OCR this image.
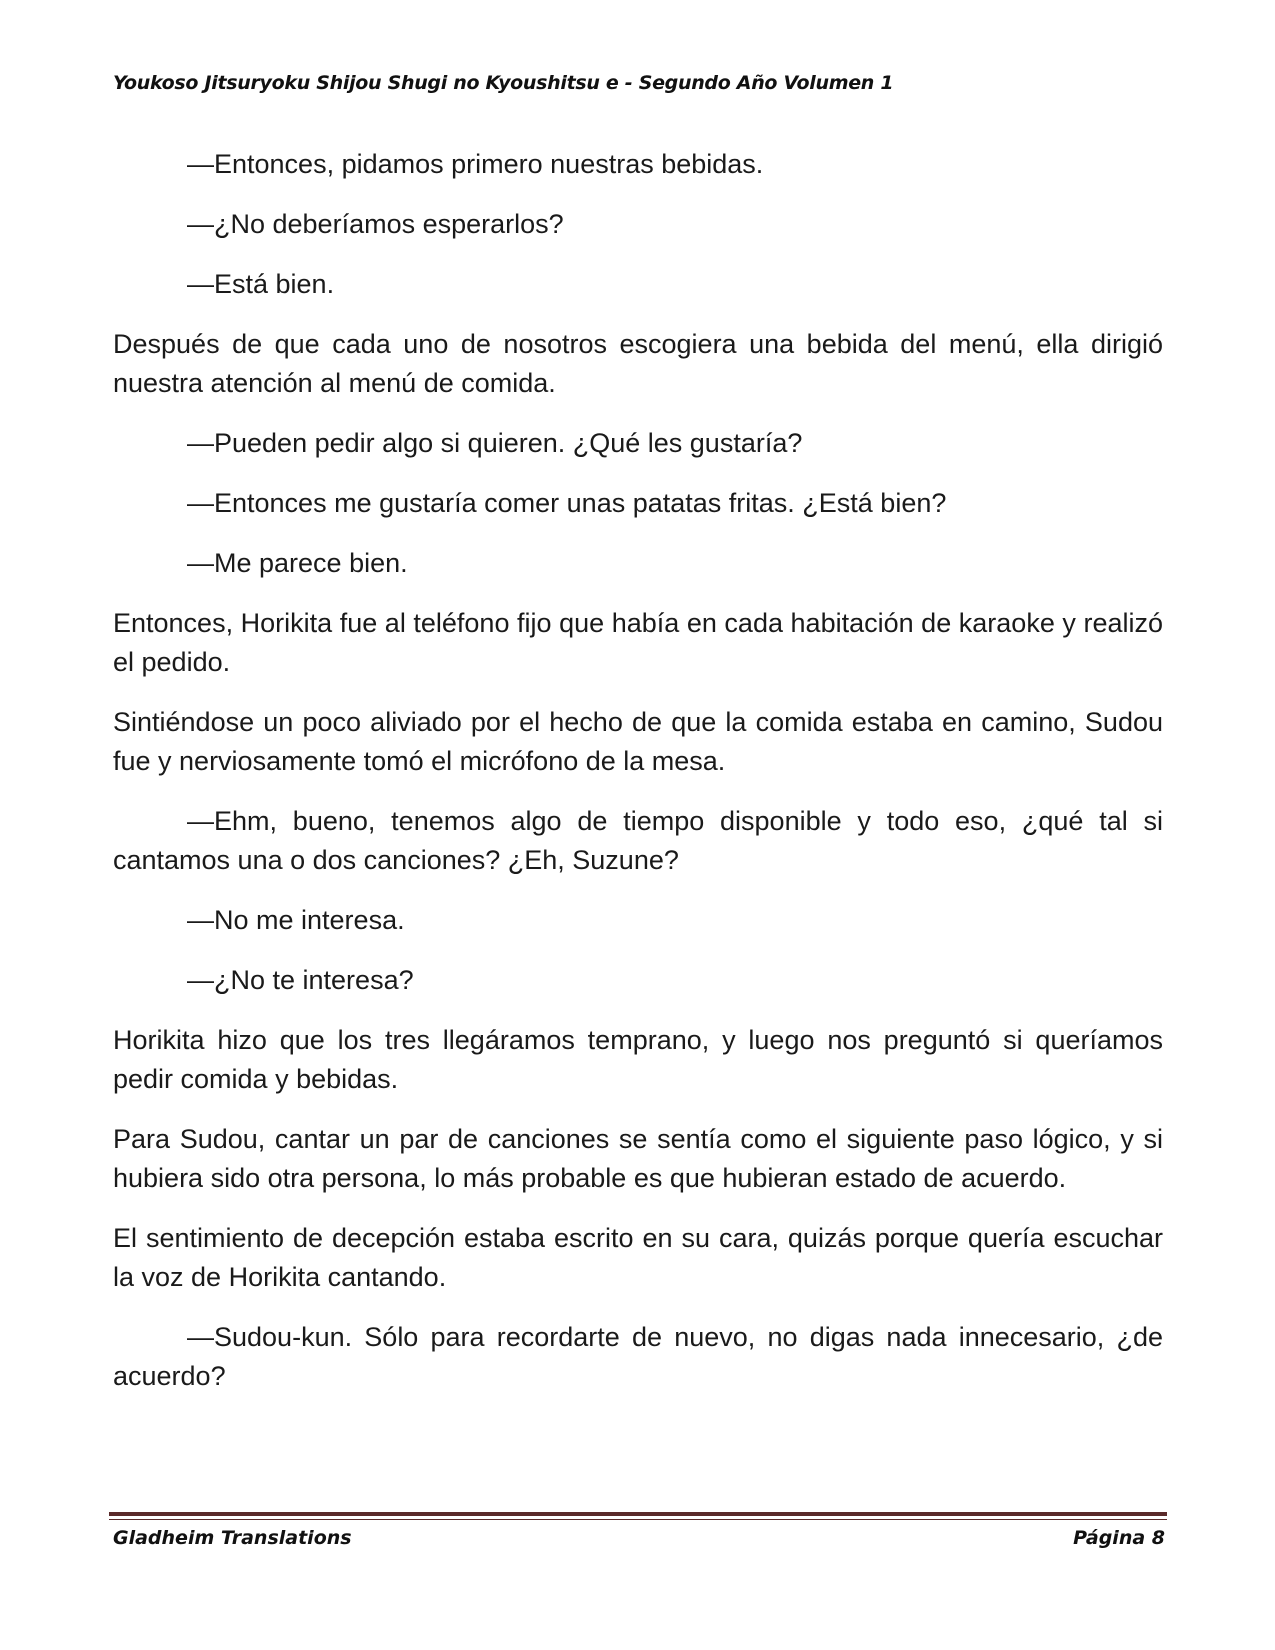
Youkoso Jitsuryoku Shijou Shugi no Kyoushitsu e - Segundo Año Volumen 1

—Entonces, pidamos primero nuestras bebidas.

—¿No deberíamos esperarlos?

—Está bien.

Después de que cada uno de nosotros escogiera una bebida del menú, ella dirigió nuestra atención al menú de comida.

—Pueden pedir algo si quieren. ¿Qué les gustaría?

—Entonces me gustaría comer unas patatas fritas. ¿Está bien?

—Me parece bien.

Entonces, Horikita fue al teléfono fijo que había en cada habitación de karaoke y realizó el pedido.

Sintiéndose un poco aliviado por el hecho de que la comida estaba en camino, Sudou fue y nerviosamente tomó el micrófono de la mesa.

—Ehm, bueno, tenemos algo de tiempo disponible y todo eso, ¿qué tal si cantamos una o dos canciones? ¿Eh, Suzune?

—No me interesa.

—¿No te interesa?

Horikita hizo que los tres llegáramos temprano, y luego nos preguntó si queríamos pedir comida y bebidas.

Para Sudou, cantar un par de canciones se sentía como el siguiente paso lógico, y si hubiera sido otra persona, lo más probable es que hubieran estado de acuerdo.

El sentimiento de decepción estaba escrito en su cara, quizás porque quería escuchar la voz de Horikita cantando.

—Sudou-kun. Sólo para recordarte de nuevo, no digas nada innecesario, ¿de acuerdo?

Gladheim Translations	Página 8
